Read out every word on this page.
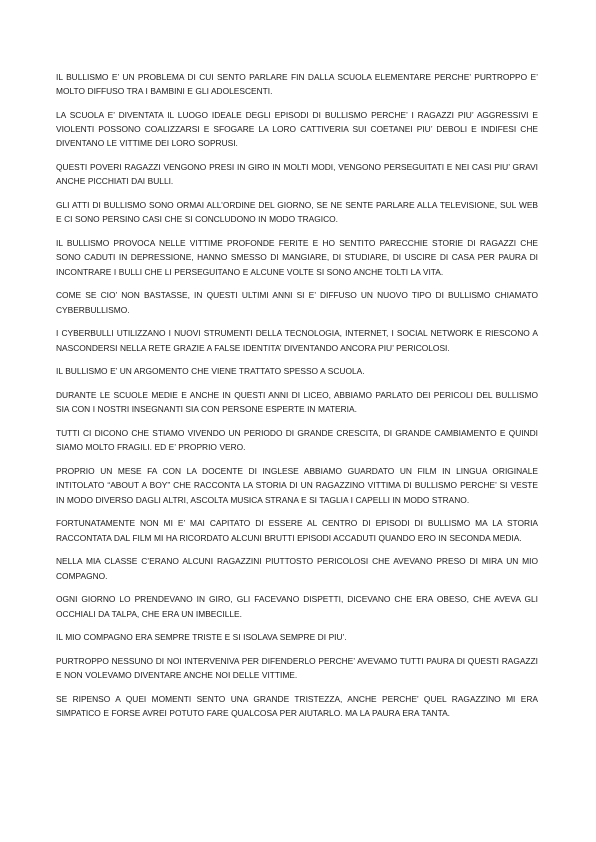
IL BULLISMO E’ UN PROBLEMA DI CUI SENTO PARLARE FIN DALLA SCUOLA ELEMENTARE PERCHE’ PURTROPPO E’ MOLTO DIFFUSO TRA I BAMBINI E GLI ADOLESCENTI.

LA SCUOLA E’ DIVENTATA IL LUOGO IDEALE DEGLI EPISODI DI BULLISMO PERCHE’ I RAGAZZI PIU’ AGGRESSIVI E VIOLENTI POSSONO COALIZZARSI E SFOGARE LA LORO CATTIVERIA SUI COETANEI PIU’ DEBOLI E INDIFESI CHE DIVENTANO LE VITTIME DEI LORO SOPRUSI.

QUESTI POVERI RAGAZZI VENGONO PRESI IN GIRO IN MOLTI MODI, VENGONO PERSEGUITATI E NEI CASI PIU’ GRAVI ANCHE PICCHIATI DAI BULLI.

GLI ATTI DI BULLISMO SONO ORMAI ALL’ORDINE DEL GIORNO, SE NE SENTE PARLARE ALLA TELEVISIONE, SUL WEB E CI SONO PERSINO CASI CHE SI CONCLUDONO IN MODO TRAGICO.

IL BULLISMO PROVOCA NELLE VITTIME PROFONDE FERITE E HO SENTITO PARECCHIE STORIE DI RAGAZZI CHE SONO CADUTI IN DEPRESSIONE, HANNO SMESSO DI MANGIARE, DI STUDIARE, DI USCIRE DI CASA PER PAURA DI INCONTRARE I BULLI CHE LI PERSEGUITANO E ALCUNE VOLTE SI SONO ANCHE TOLTI LA VITA.

COME SE CIO’ NON BASTASSE, IN QUESTI ULTIMI ANNI SI E’ DIFFUSO UN NUOVO TIPO DI BULLISMO CHIAMATO CYBERBULLISMO.

I CYBERBULLI UTILIZZANO I NUOVI STRUMENTI DELLA TECNOLOGIA, INTERNET, I SOCIAL NETWORK E RIESCONO A NASCONDERSI NELLA RETE GRAZIE A FALSE IDENTITA’ DIVENTANDO ANCORA PIU’ PERICOLOSI.

IL BULLISMO E’ UN ARGOMENTO CHE VIENE TRATTATO SPESSO A SCUOLA.

DURANTE LE SCUOLE MEDIE E ANCHE IN QUESTI ANNI DI LICEO, ABBIAMO PARLATO DEI PERICOLI DEL BULLISMO SIA CON I NOSTRI INSEGNANTI SIA CON PERSONE ESPERTE IN MATERIA.

TUTTI CI DICONO CHE STIAMO VIVENDO UN PERIODO DI GRANDE CRESCITA, DI GRANDE CAMBIAMENTO E QUINDI SIAMO MOLTO FRAGILI. ED E’ PROPRIO VERO.

PROPRIO UN MESE FA CON LA DOCENTE DI INGLESE ABBIAMO GUARDATO UN FILM IN LINGUA ORIGINALE INTITOLATO “ABOUT A BOY” CHE RACCONTA LA STORIA DI UN RAGAZZINO VITTIMA DI BULLISMO PERCHE’ SI VESTE IN MODO DIVERSO DAGLI ALTRI, ASCOLTA MUSICA STRANA E SI TAGLIA I CAPELLI IN MODO STRANO.

FORTUNATAMENTE NON MI E’ MAI CAPITATO DI ESSERE AL CENTRO DI EPISODI DI BULLISMO MA LA STORIA RACCONTATA DAL FILM MI HA RICORDATO ALCUNI BRUTTI EPISODI ACCADUTI QUANDO ERO IN SECONDA MEDIA.

NELLA MIA CLASSE C’ERANO ALCUNI RAGAZZINI PIUTTOSTO PERICOLOSI CHE AVEVANO PRESO DI MIRA UN MIO COMPAGNO.

OGNI GIORNO LO PRENDEVANO IN GIRO, GLI FACEVANO DISPETTI, DICEVANO CHE ERA OBESO, CHE AVEVA GLI OCCHIALI DA TALPA, CHE ERA UN IMBECILLE.

IL MIO COMPAGNO ERA SEMPRE TRISTE E SI ISOLAVA SEMPRE DI PIU’.

PURTROPPO NESSUNO DI NOI INTERVENIVA PER DIFENDERLO PERCHE’ AVEVAMO TUTTI PAURA DI QUESTI RAGAZZI E NON VOLEVAMO DIVENTARE ANCHE NOI DELLE VITTIME.

SE RIPENSO A QUEI MOMENTI SENTO UNA GRANDE TRISTEZZA, ANCHE PERCHE’ QUEL RAGAZZINO MI ERA SIMPATICO E FORSE AVREI POTUTO FARE QUALCOSA PER AIUTARLO. MA LA PAURA ERA TANTA.
